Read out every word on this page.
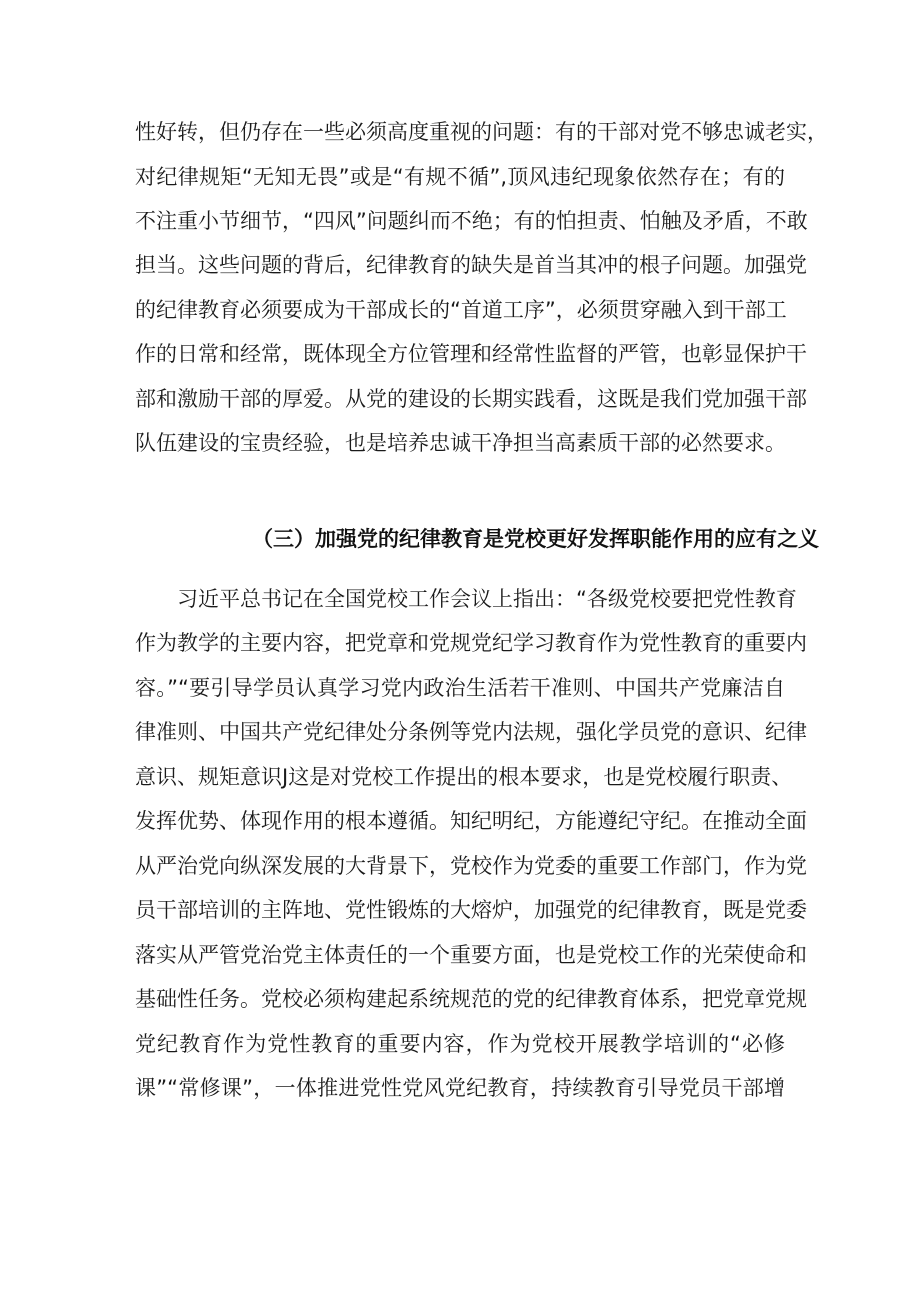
性好转，但仍存在一些必须高度重视的问题：有的干部对党不够忠诚老实，
对纪律规矩“无知无畏”或是“有规不循”,顶风违纪现象依然存在；有的
不注重小节细节，“四风”问题纠而不绝；有的怕担责、怕触及矛盾，不敢
担当。这些问题的背后，纪律教育的缺失是首当其冲的根子问题。加强党
的纪律教育必须要成为干部成长的“首道工序”，必须贯穿融入到干部工
作的日常和经常，既体现全方位管理和经常性监督的严管，也彰显保护干
部和激励干部的厚爱。从党的建设的长期实践看，这既是我们党加强干部
队伍建设的宝贵经验，也是培养忠诚干净担当高素质干部的必然要求。
（三）加强党的纪律教育是党校更好发挥职能作用的应有之义
习近平总书记在全国党校工作会议上指出：“各级党校要把党性教育
作为教学的主要内容，把党章和党规党纪学习教育作为党性教育的重要内
容。”“要引导学员认真学习党内政治生活若干准则、中国共产党廉洁自
律准则、中国共产党纪律处分条例等党内法规，强化学员党的意识、纪律
意识、规矩意识J这是对党校工作提出的根本要求，也是党校履行职责、
发挥优势、体现作用的根本遵循。知纪明纪，方能遵纪守纪。在推动全面
从严治党向纵深发展的大背景下，党校作为党委的重要工作部门，作为党
员干部培训的主阵地、党性锻炼的大熔炉，加强党的纪律教育，既是党委
落实从严管党治党主体责任的一个重要方面，也是党校工作的光荣使命和
基础性任务。党校必须构建起系统规范的党的纪律教育体系，把党章党规
党纪教育作为党性教育的重要内容，作为党校开展教学培训的“必修
课”“常修课”，一体推进党性党风党纪教育，持续教育引导党员干部增
